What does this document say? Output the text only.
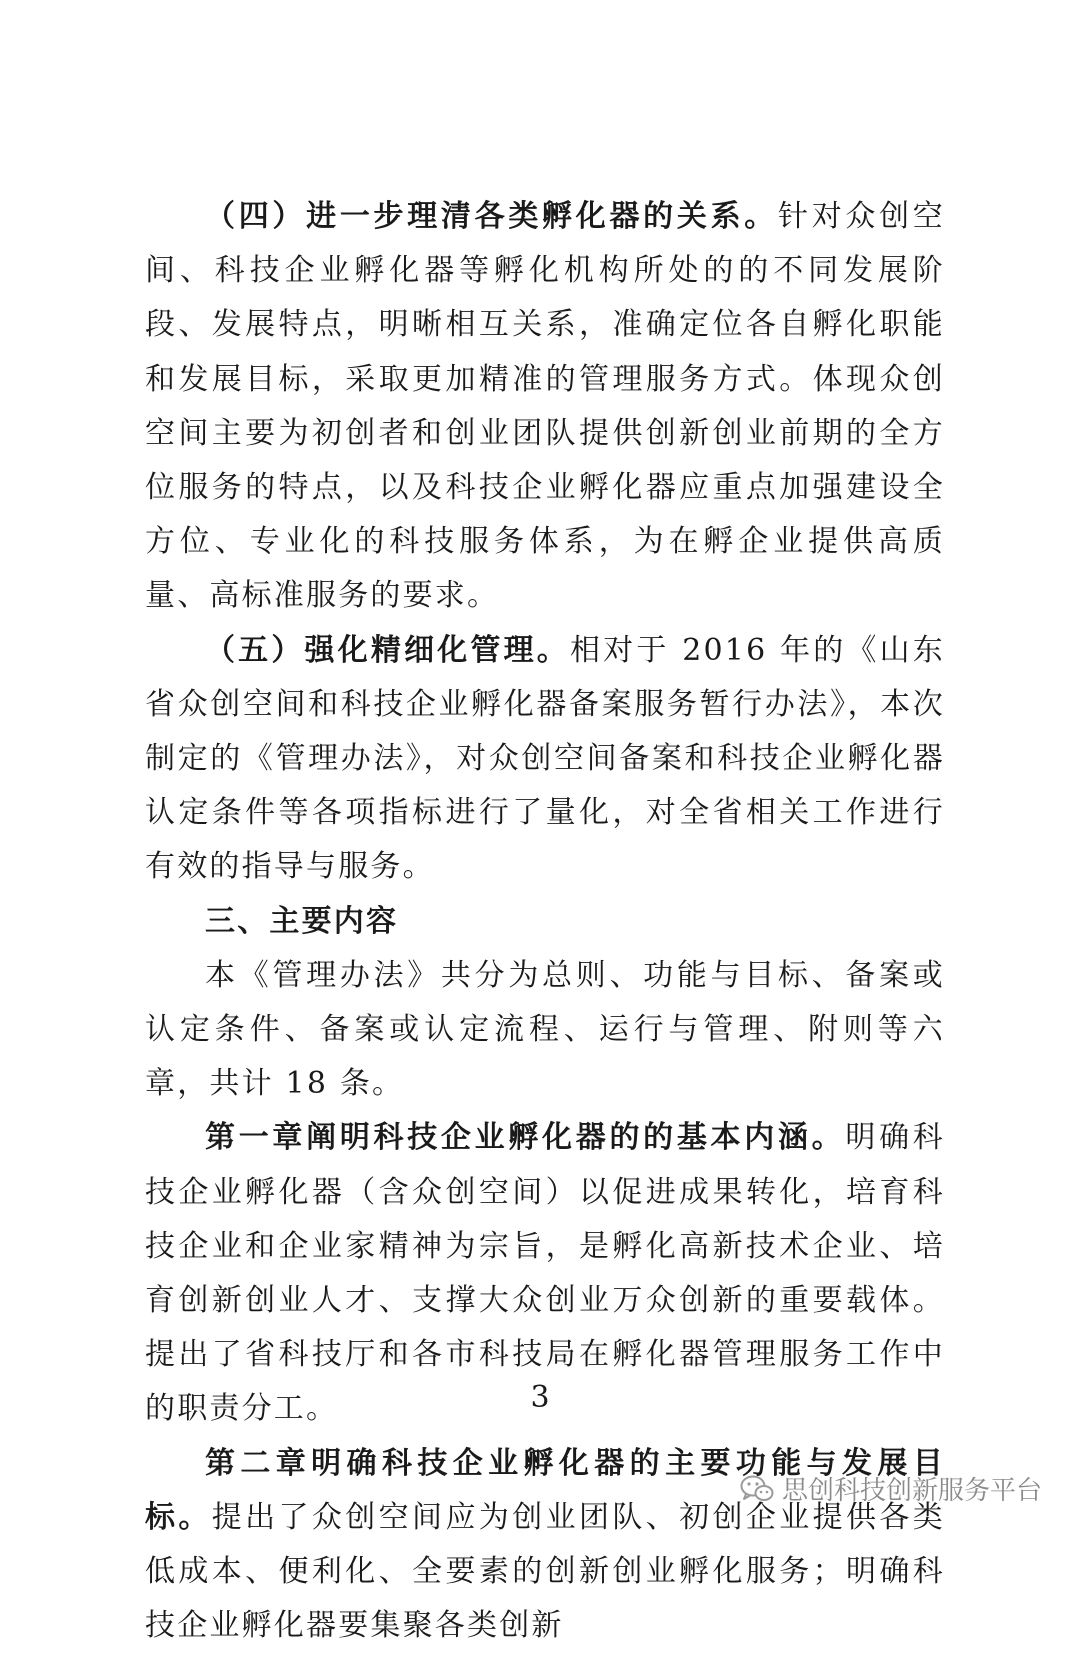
（四）进一步理清各类孵化器的关系。针对众创空间、科技企业孵化器等孵化机构所处的的不同发展阶段、发展特点，明晰相互关系，准确定位各自孵化职能和发展目标，采取更加精准的管理服务方式。体现众创空间主要为初创者和创业团队提供创新创业前期的全方位服务的特点，以及科技企业孵化器应重点加强建设全方位、专业化的科技服务体系，为在孵企业提供高质量、高标准服务的要求。

（五）强化精细化管理。相对于 2016 年的《山东省众创空间和科技企业孵化器备案服务暂行办法》，本次制定的《管理办法》，对众创空间备案和科技企业孵化器认定条件等各项指标进行了量化，对全省相关工作进行有效的指导与服务。

三、主要内容

本《管理办法》共分为总则、功能与目标、备案或认定条件、备案或认定流程、运行与管理、附则等六章，共计 18 条。

第一章阐明科技企业孵化器的的基本内涵。明确科技企业孵化器（含众创空间）以促进成果转化，培育科技企业和企业家精神为宗旨，是孵化高新技术企业、培育创新创业人才、支撑大众创业万众创新的重要载体。提出了省科技厅和各市科技局在孵化器管理服务工作中的职责分工。

第二章明确科技企业孵化器的主要功能与发展目标。提出了众创空间应为创业团队、初创企业提供各类低成本、便利化、全要素的创新创业孵化服务；明确科技企业孵化器要集聚各类创新

3
思创科技创新服务平台
